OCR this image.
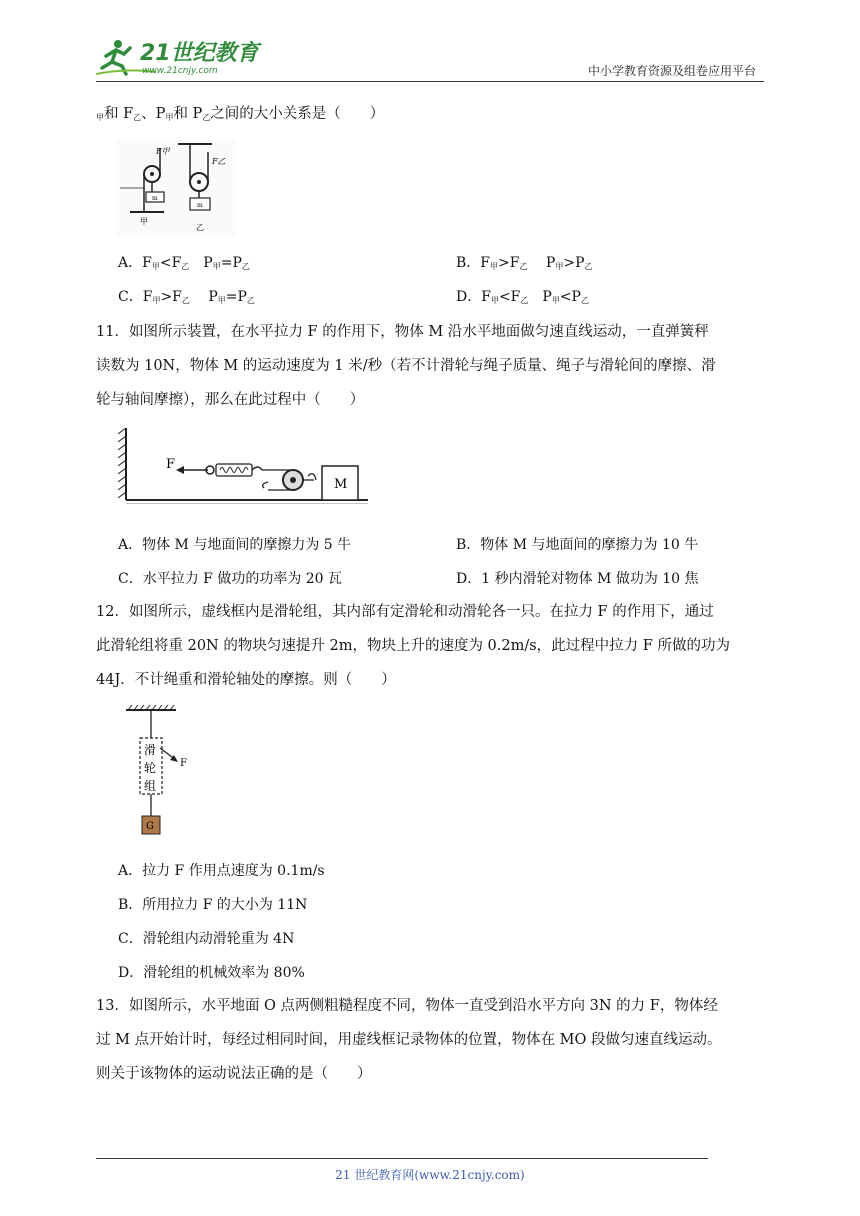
21世纪教育
www.21cnjy.com	中小学教育资源及组卷应用平台
$_甲$和 $F_乙$、$P_甲$和 $P_乙$之间的大小关系是（　　）
m
F甲
甲
m
F乙
乙
A．$F_甲<F_乙$　$P_甲=P_乙$	B．$F_甲>F_乙$　 $P_甲>P_乙$
C．$F_甲>F_乙$　 $P_甲=P_乙$	D．$F_甲<F_乙$　$P_甲<P_乙$
11．如图所示装置，在水平拉力 F 的作用下，物体 M 沿水平地面做匀速直线运动，一直弹簧秤
读数为 10N，物体 M 的运动速度为 1 米/秒（若不计滑轮与绳子质量、绳子与滑轮间的摩擦、滑
轮与轴间摩擦），那么在此过程中（　　）
F
M
A．物体 M 与地面间的摩擦力为 5 牛	B．物体 M 与地面间的摩擦力为 10 牛
C．水平拉力 F 做功的功率为 20 瓦	D．1 秒内滑轮对物体 M 做功为 10 焦
12．如图所示，虚线框内是滑轮组，其内部有定滑轮和动滑轮各一只。在拉力 F 的作用下，通过
此滑轮组将重 20N 的物块匀速提升 2m，物块上升的速度为 0.2m/s，此过程中拉力 F 所做的功为
44J．不计绳重和滑轮轴处的摩擦。则（　　）
滑
轮
组
F
G
A．拉力 F 作用点速度为 0.1m/s
B．所用拉力 F 的大小为 11N
C．滑轮组内动滑轮重为 4N
D．滑轮组的机械效率为 80%
13．如图所示，水平地面 O 点两侧粗糙程度不同，物体一直受到沿水平方向 3N 的力 F，物体经
过 M 点开始计时，每经过相同时间，用虚线框记录物体的位置，物体在 MO 段做匀速直线运动。
则关于该物体的运动说法正确的是（　　）
21 世纪教育网(www.21cnjy.com)
